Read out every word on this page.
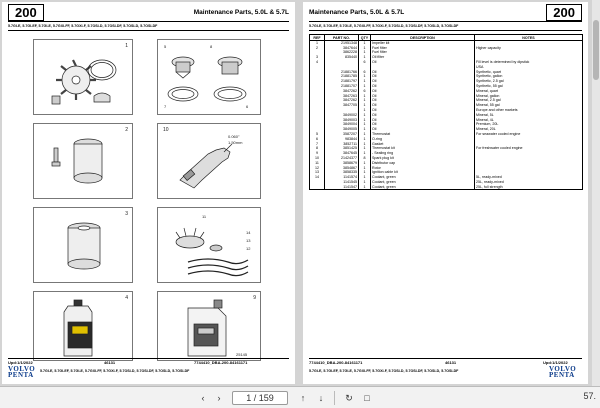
200	Maintenance Parts, 5.0L & 5.7L
5.7GI-E, 5.7GI-EF, 5.7GI-E, 5.7GXI-FF, 5.7GXI-F, 5.7OSI-D, 5.7OSI-DF, 5.7OSI-D, 5.7OSI-DF
1	5	8
7	6
2	10
0.060"
1.50mm
3	11
12
13
14
4	9
25145
Upd:1/1/2022	46131	7744410_DBA-200-84161171
5.7GI-E, 5.7GI-EF, 5.7GI-E, 5.7GXI-FF, 5.7GXI-F, 5.7OSI-D, 5.7OSI-DF, 5.7OSI-D, 5.7OSI-DF
VOLVO
PENTA
Maintenance Parts, 5.0L & 5.7L	200
5.7GI-E, 5.7GI-EF, 5.7GI-E, 5.7GXI-FF, 5.7GXI-F, 5.7OSI-D, 5.7OSI-DF, 5.7OSI-D, 5.7OSI-DF
REF	PART NO.	QTY	DESCRIPTION	NOTES
1	21951348	1	Impeller kit	
2	3847644	1	Fuel filter	Higher capacity
	3862228	1	Fuel filter	
3	835440	1	Oil filter	
4		6	Oil	Fill level is determined by dipstick
				USA
	21881766	6	Oil	Synthetic, quart
	21881785	1	Oil	Synthetic, gallon
	21881797	1	Oil	Synthetic, 2.5 gal
	21881707	1	Oil	Synthetic, 55 gal
	3847262	6	Oil	Mineral, quart
	3847263	1	Oil	Mineral, gallon
	3847262	1	Oil	Mineral, 2.5 gal
	3847705	1	Oil	Mineral, 55 gal
		1	Oil	Europe and other markets
	3849002	1	Oil	Mineral, 5L
	3849003	1	Oil	Mineral, 4L
	3849004	1	Oil	Premium, 20L
	3849005	1	Oil	Mineral, 20L
5	3587207	1	Thermostat	For seawater cooled engine
6	983844	1	O-ring	
7	3852711	1	Gasket	
8	3851425	1	Thermostat kit	For freshwater cooled engine
9	3847645	1	- Sealing ring	
10	21424377	8	Spark plug kit	
11	3858679	1	Distributor cap	
12	3854867	1	Rotor	
13	3858335	1	Ignition cable kit	
14	1141574	1	Coolant, green	5L, ready-mixed
	1141545	1	Coolant, green	25L, ready-mixed
	1141547	1	Coolant, green	25L, full strength
7744410_DBA-200-84161171	46131	Upd:1/1/2022
5.7GI-E, 5.7GI-EF, 5.7GI-E, 5.7GXI-FF, 5.7GXI-F, 5.7OSI-D, 5.7OSI-DF, 5.7OSI-D, 5.7OSI-DF	VOLVO
PENTA
‹	›	1 / 159	↑	↓	↻	□	57.
